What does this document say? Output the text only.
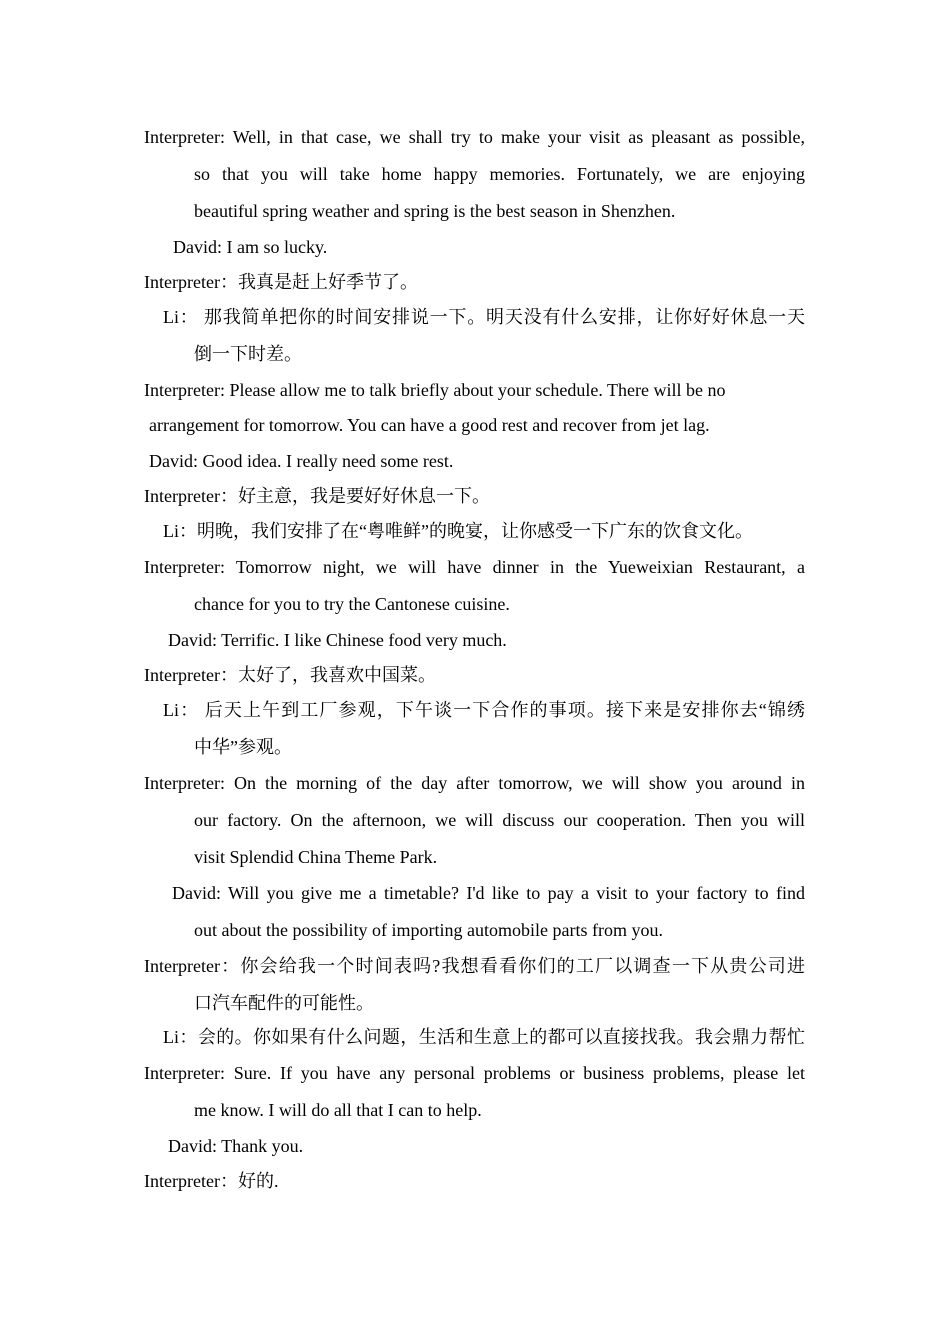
Interpreter: Well, in that case, we shall try to make your visit as pleasant as possible,
so that you will take home happy memories. Fortunately, we are enjoying
beautiful spring weather and spring is the best season in Shenzhen.
David: I am so lucky.
Interpreter：我真是赶上好季节了。
Li： 那我简单把你的时间安排说一下。明天没有什么安排，让你好好休息一天
倒一下时差。
Interpreter: Please allow me to talk briefly about your schedule. There will be no
arrangement for tomorrow. You can have a good rest and recover from jet lag.
David: Good idea. I really need some rest.
Interpreter：好主意，我是要好好休息一下。
Li：明晚，我们安排了在“粤唯鲜”的晚宴，让你感受一下广东的饮食文化。
Interpreter: Tomorrow night, we will have dinner in the Yueweixian Restaurant, a
chance for you to try the Cantonese cuisine.
David: Terrific. I like Chinese food very much.
Interpreter：太好了，我喜欢中国菜。
Li： 后天上午到工厂参观，下午谈一下合作的事项。接下来是安排你去“锦绣
中华”参观。
Interpreter: On the morning of the day after tomorrow, we will show you around in
our factory. On the afternoon, we will discuss our cooperation. Then you will
visit Splendid China Theme Park.
David: Will you give me a timetable? I'd like to pay a visit to your factory to find
out about the possibility of importing automobile parts from you.
Interpreter：你会给我一个时间表吗?我想看看你们的工厂以调查一下从贵公司进
口汽车配件的可能性。
Li：会的。你如果有什么问题，生活和生意上的都可以直接找我。我会鼎力帮忙
Interpreter: Sure. If you have any personal problems or business problems, please let
me know. I will do all that I can to help.
David: Thank you.
Interpreter：好的.
